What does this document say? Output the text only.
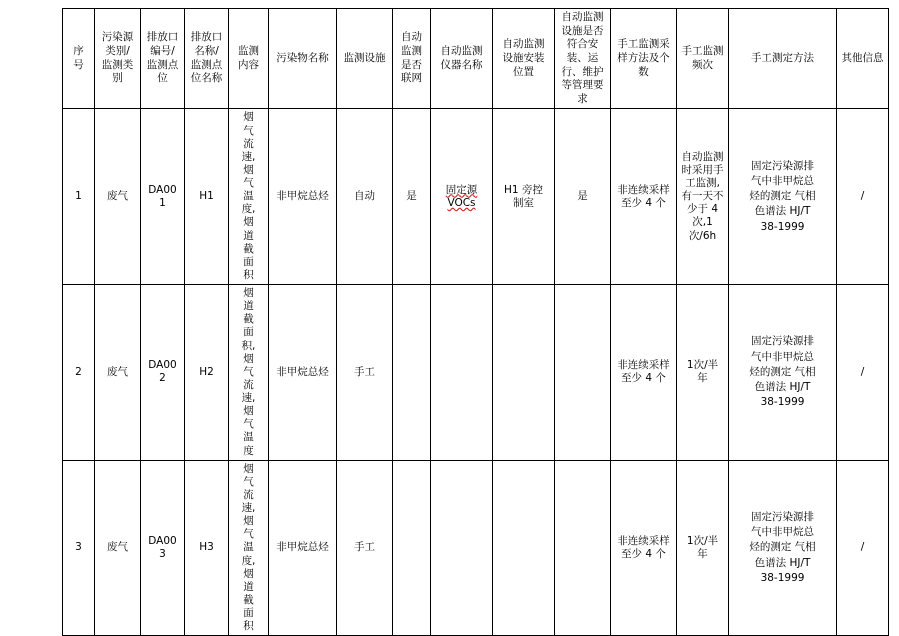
序号	污染源类别/监测类别	排放口编号/监测点位	排放口名称/监测点位名称	监测内容	污染物名称	监测设施	自动监测是否联网	自动监测仪器名称	自动监测设施安装位置	自动监测设施是否符合安装、运行、维护等管理要求	手工监测采样方法及个数	手工监测频次	手工测定方法	其他信息

1	废气	DA001	H1	烟气流速,烟气温度,烟道截面积	非甲烷总烃	自动	是	固定源VOCs	H1 旁控制室	是	非连续采样至少 4 个	自动监测时采用手工监测,有一天不少于 4 次,1 次/6h	固定污染源排气中非甲烷总烃的测定 气相色谱法 HJ/T 38-1999	/
2	废气	DA002	H2	烟道截面积,烟气流速,烟气温度	非甲烷总烃	手工					非连续采样至少 4 个	1次/半年	固定污染源排气中非甲烷总烃的测定 气相色谱法 HJ/T 38-1999	/
3	废气	DA003	H3	烟气流速,烟气温度,烟道截面积	非甲烷总烃	手工					非连续采样至少 4 个	1次/半年	固定污染源排气中非甲烷总烃的测定 气相色谱法 HJ/T 38-1999	/
